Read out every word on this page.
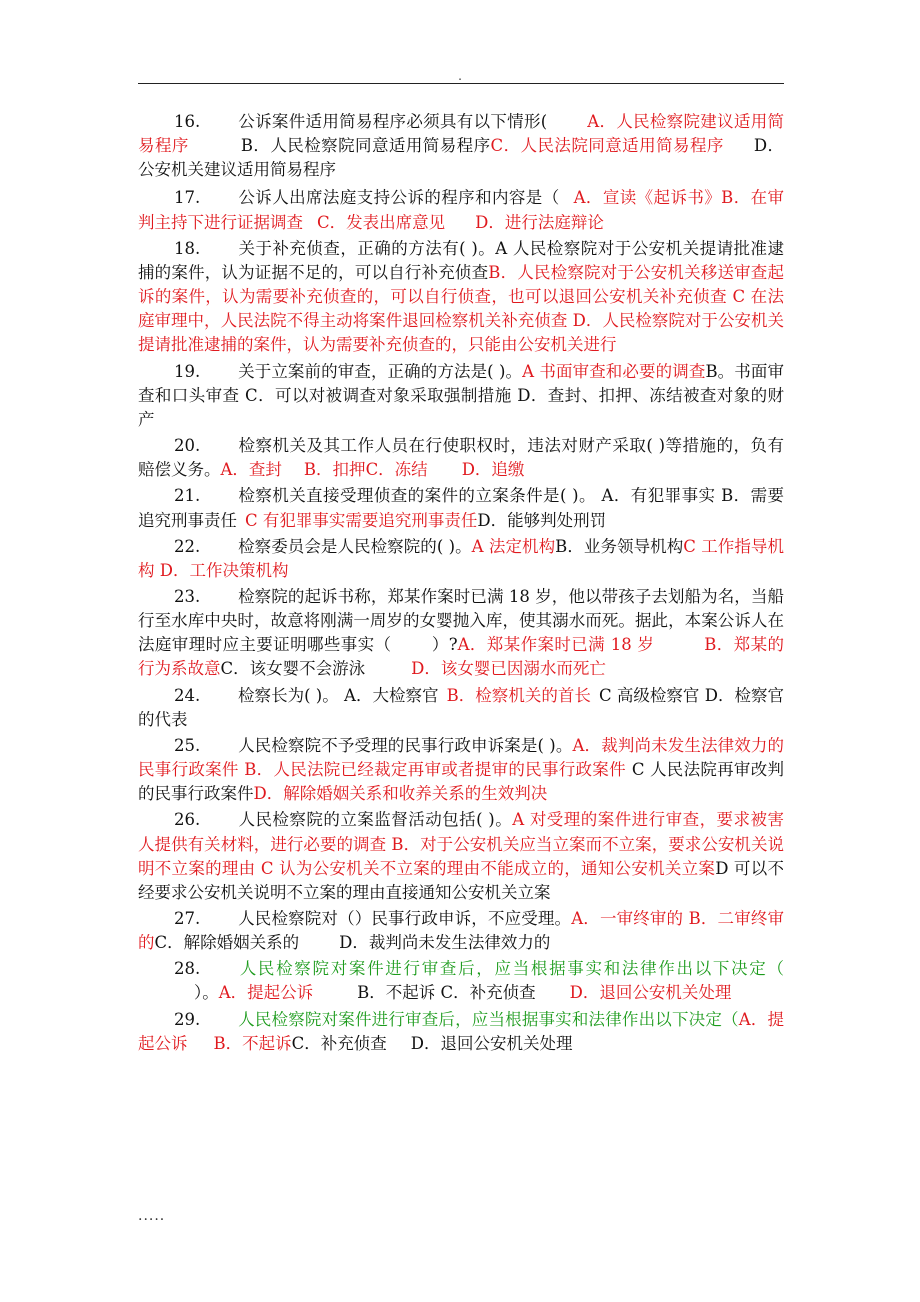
.

16. 公诉案件适用简易程序必须具有以下情形( A．人民检察院建议适用简易程序	B．人民检察院同意适用简易程序C．人民法院同意适用简易程序 D．公安机关建议适用简易程序

17. 公诉人出席法庭支持公诉的程序和内容是（ A．宣读《起诉书》B．在审判主持下进行证据调查 C．发表出席意见 D．进行法庭辩论

18. 关于补充侦查，正确的方法有( )。A 人民检察院对于公安机关提请批准逮捕的案件，认为证据不足的，可以自行补充侦查B．人民检察院对于公安机关移送审查起诉的案件，认为需要补充侦查的，可以自行侦查，也可以退回公安机关补充侦查 C 在法庭审理中，人民法院不得主动将案件退回检察机关补充侦查 D．人民检察院对于公安机关提请批准逮捕的案件，认为需要补充侦查的，只能由公安机关进行

19. 关于立案前的审查，正确的方法是( )。A 书面审查和必要的调查B。书面审查和口头审查 C．可以对被调查对象采取强制措施 D．查封、扣押、冻结被查对象的财产

20. 检察机关及其工作人员在行使职权时，违法对财产采取( )等措施的，负有赔偿义务。A．查封 B．扣押C．冻结 D．追缴

21. 检察机关直接受理侦查的案件的立案条件是( )。 A．有犯罪事实 B．需要追究刑事责任 C 有犯罪事实需要追究刑事责任D．能够判处刑罚

22. 检察委员会是人民检察院的( )。A 法定机构B．业务领导机构C 工作指导机构 D．工作决策机构

23. 检察院的起诉书称，郑某作案时已满 18 岁，他以带孩子去划船为名，当船行至水库中央时，故意将刚满一周岁的女婴抛入库，使其溺水而死。据此，本案公诉人在法庭审理时应主要证明哪些事实（ ）?A．郑某作案时已满 18 岁	B．郑某的行为系故意C．该女婴不会游泳	D．该女婴已因溺水而死亡

24. 检察长为( )。 A．大检察官 B．检察机关的首长 C 高级检察官 D．检察官的代表

25. 人民检察院不予受理的民事行政申诉案是( )。A．裁判尚未发生法律效力的民事行政案件 B．人民法院已经裁定再审或者提审的民事行政案件 C 人民法院再审改判的民事行政案件D．解除婚姻关系和收养关系的生效判决

26. 人民检察院的立案监督活动包括( )。A 对受理的案件进行审查，要求被害人提供有关材料，进行必要的调查 B．对于公安机关应当立案而不立案，要求公安机关说明不立案的理由 C 认为公安机关不立案的理由不能成立的，通知公安机关立案D 可以不经要求公安机关说明不立案的理由直接通知公安机关立案

27. 人民检察院对（）民事行政申诉，不应受理。A．一审终审的 B．二审终审的C．解除婚姻关系的 D．裁判尚未发生法律效力的

28. 人民检察院对案件进行审查后，应当根据事实和法律作出以下决定（）。A．提起公诉	B．不起诉 C．补充侦查 D．退回公安机关处理

29. 人民检察院对案件进行审查后，应当根据事实和法律作出以下决定（A．提起公诉 B．不起诉C．补充侦查 D．退回公安机关处理

.....
